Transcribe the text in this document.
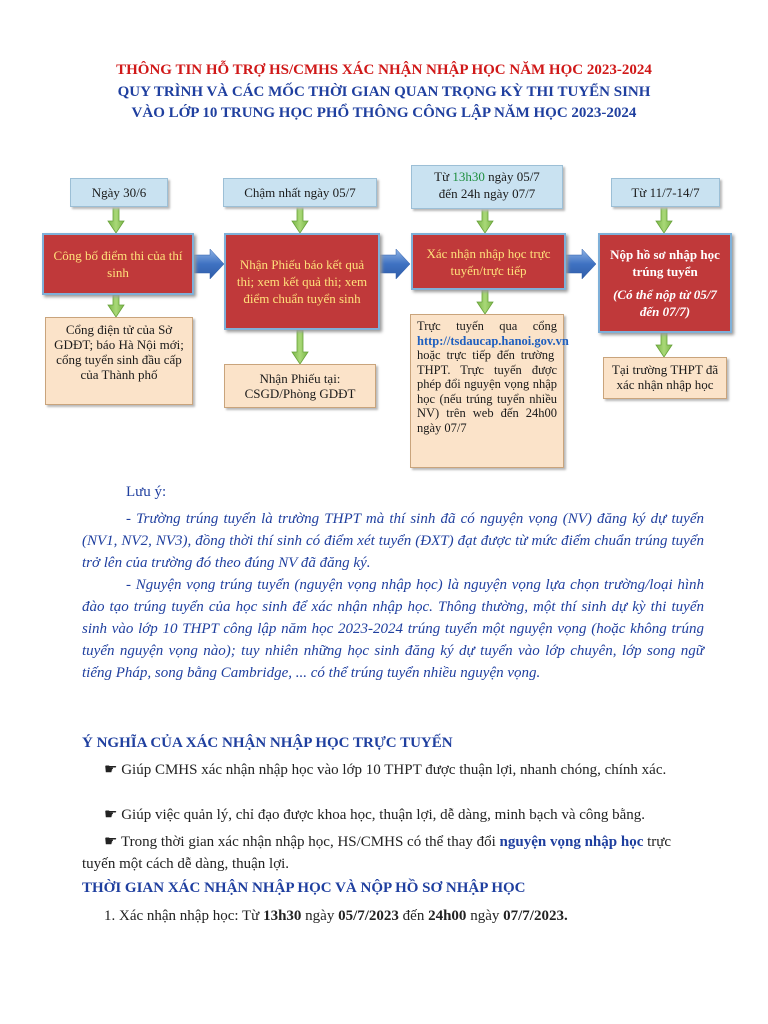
THÔNG TIN HỖ TRỢ HS/CMHS XÁC NHẬN NHẬP HỌC NĂM HỌC 2023-2024
QUY TRÌNH VÀ CÁC MỐC THỜI GIAN QUAN TRỌNG KỲ THI TUYỂN SINH
VÀO LỚP 10 TRUNG HỌC PHỔ THÔNG CÔNG LẬP NĂM HỌC 2023-2024
Ngày 30/6
Công bố điểm thi của thí sinh
Cổng điện tử của Sở GDĐT; báo Hà Nội mới; cổng tuyển sinh đầu cấp của Thành phố
Chậm nhất ngày 05/7
Nhận Phiếu báo kết quả thi; xem kết quả thi; xem điểm chuẩn tuyển sinh
Nhận Phiếu tại:
CSGD/Phòng GDĐT
Từ 13h30 ngày 05/7
đến 24h ngày 07/7
Xác nhận nhập học trực tuyến/trực tiếp
Trực tuyến qua cổng http://tsdaucap.hanoi.gov.vn hoặc trực tiếp đến trường THPT. Trực tuyến được phép đổi nguyện vọng nhập học (nếu trúng tuyển nhiều NV) trên web đến 24h00 ngày 07/7
Từ 11/7-14/7
Nộp hồ sơ nhập học trúng tuyển
(Có thể nộp từ 05/7 đến 07/7)
Tại trường THPT đã xác nhận nhập học
Lưu ý:
- Trường trúng tuyển là trường THPT mà thí sinh đã có nguyện vọng (NV) đăng ký dự tuyển (NV1, NV2, NV3), đồng thời thí sinh có điểm xét tuyển (ĐXT) đạt được từ mức điểm chuẩn trúng tuyển trở lên của trường đó theo đúng NV đã đăng ký.
- Nguyện vọng trúng tuyển (nguyện vọng nhập học) là nguyện vọng lựa chọn trường/loại hình đào tạo trúng tuyển của học sinh để xác nhận nhập học. Thông thường, một thí sinh dự kỳ thi tuyển sinh vào lớp 10 THPT công lập năm học 2023-2024 trúng tuyển một nguyện vọng (hoặc không trúng tuyển nguyện vọng nào); tuy nhiên những học sinh đăng ký dự tuyển vào lớp chuyên, lớp song ngữ tiếng Pháp, song bằng Cambridge, ... có thể trúng tuyển nhiều nguyện vọng.
Ý NGHĨA CỦA XÁC NHẬN NHẬP HỌC TRỰC TUYẾN
☛ Giúp CMHS xác nhận nhập học vào lớp 10 THPT được thuận lợi, nhanh chóng, chính xác.
☛ Giúp việc quản lý, chỉ đạo được khoa học, thuận lợi, dễ dàng, minh bạch và công bằng.
☛ Trong thời gian xác nhận nhập học, HS/CMHS có thể thay đổi nguyện vọng nhập học trực tuyến một cách dễ dàng, thuận lợi.
THỜI GIAN XÁC NHẬN NHẬP HỌC VÀ NỘP HỒ SƠ NHẬP HỌC
1. Xác nhận nhập học: Từ 13h30 ngày 05/7/2023 đến 24h00 ngày 07/7/2023.
